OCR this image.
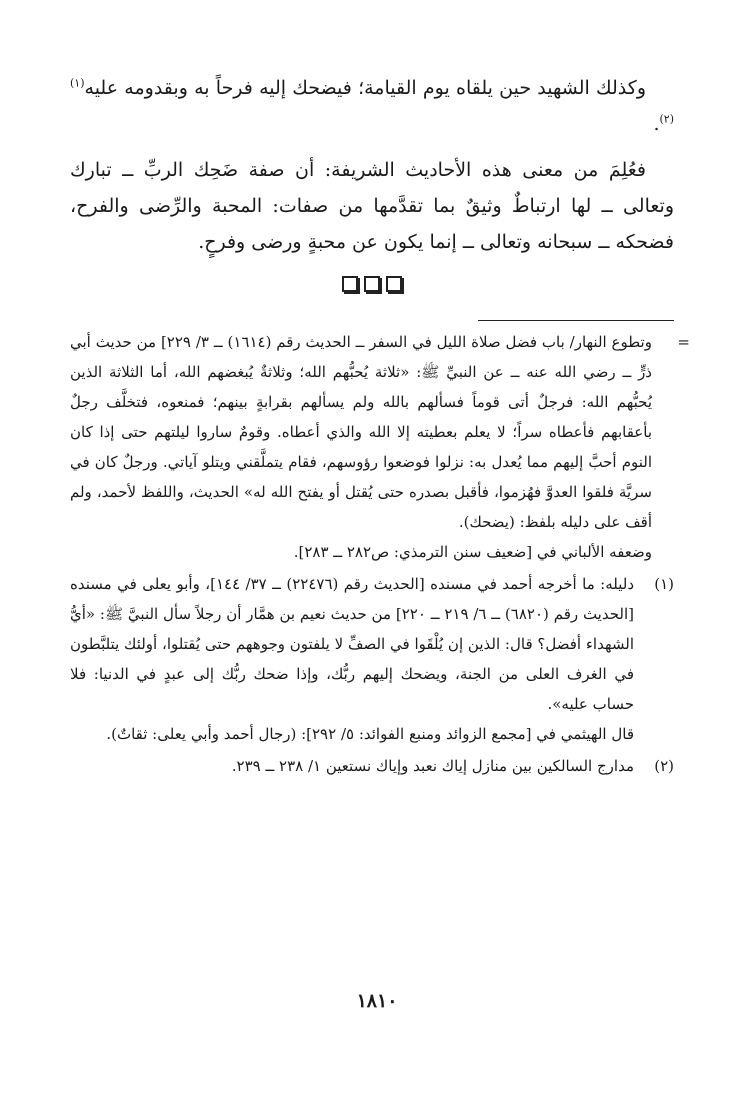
وكذلك الشهيد حين يلقاه يوم القيامة؛ فيضحك إليه فرحاً به وبقدومه عليه$^{(١)(٢)}$.

فعُلِمَ من معنى هذه الأحاديث الشريفة: أن صفة ضَحِك الربِّ ــ تبارك وتعالى ــ لها ارتباطٌ وثيقٌ بما تقدَّمها من صفات: المحبة والرِّضى والفرح، فضحكه ــ سبحانه وتعالى ــ إنما يكون عن محبةٍ ورضى وفرحٍ.

=

وتطوع النهار/ باب فضل صلاة الليل في السفر ــ الحديث رقم (١٦١٤) ــ ٣/ ٢٢٩] من حديث أبي ذرٍّ ــ رضي الله عنه ــ عن النبيِّ ﷺ: «ثلاثة يُحبُّهم الله؛ وثلاثةٌ يُبغضهم الله، أما الثلاثة الذين يُحبُّهم الله: فرجلٌ أتى قوماً فسألهم بالله ولم يسألهم بقرابةٍ بينهم؛ فمنعوه، فتخلَّف رجلٌ بأعقابهم فأعطاه سراً؛ لا يعلم بعطيته إلا الله والذي أعطاه. وقومٌ ساروا ليلتهم حتى إذا كان النوم أحبَّ إليهم مما يُعدل به: نزلوا فوضعوا رؤوسهم، فقام يتملَّقني ويتلو آياتي. ورجلٌ كان في سريَّة فلقوا العدوَّ فهُزموا، فأقبل بصدره حتى يُقتل أو يفتح الله له» الحديث، واللفظ لأحمد، ولم أقف على دليله بلفظ: (يضحك).

وضعفه الألباني في [ضعيف سنن الترمذي: ص٢٨٢ ــ ٢٨٣].

(١)

دليله: ما أخرجه أحمد في مسنده [الحديث رقم (٢٢٤٧٦) ــ ٣٧/ ١٤٤]، وأبو يعلى في مسنده [الحديث رقم (٦٨٢٠) ــ ٦/ ٢١٩ ــ ٢٢٠] من حديث نعيم بن همَّار أن رجلاً سأل النبيَّ ﷺ: «أيُّ الشهداء أفضل؟ قال: الذين إن يُلْقَوا في الصفِّ لا يلفتون وجوههم حتى يُقتلوا، أولئك يتلبَّطون في الغرف العلى من الجنة، ويضحك إليهم ربُّك، وإذا ضحك ربُّك إلى عبدٍ في الدنيا: فلا حساب عليه».

قال الهيثمي في [مجمع الزوائد ومنبع الفوائد: ٥/ ٢٩٢]: (رجال أحمد وأبي يعلى: ثقاتٌ).

(٢)

مدارج السالكين بين منازل إياك نعبد وإياك نستعين ١/ ٢٣٨ ــ ٢٣٩.

١٨١٠
